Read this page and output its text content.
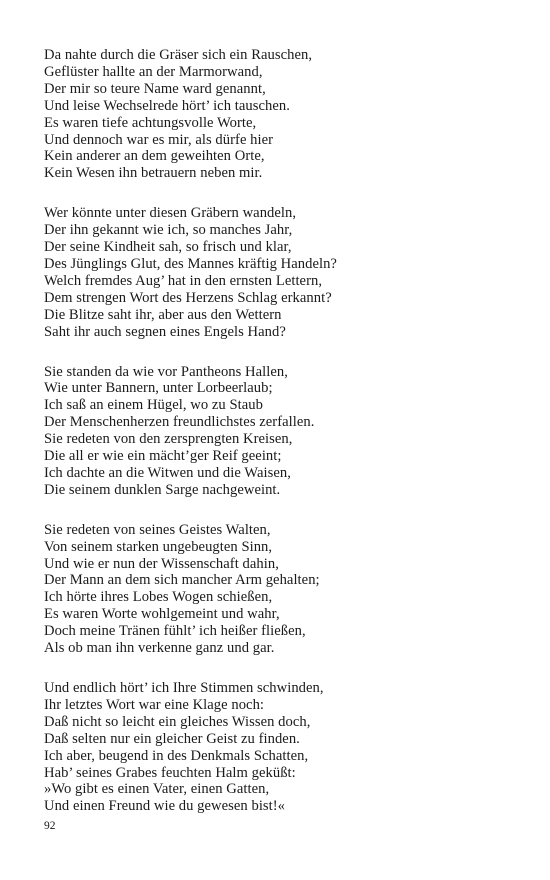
Da nahte durch die Gräser sich ein Rauschen,
Geflüster hallte an der Marmorwand,
Der mir so teure Name ward genannt,
Und leise Wechselrede hört’ ich tauschen.
Es waren tiefe achtungsvolle Worte,
Und dennoch war es mir, als dürfe hier
Kein anderer an dem geweihten Orte,
Kein Wesen ihn betrauern neben mir.
Wer könnte unter diesen Gräbern wandeln,
Der ihn gekannt wie ich, so manches Jahr,
Der seine Kindheit sah, so frisch und klar,
Des Jünglings Glut, des Mannes kräftig Handeln?
Welch fremdes Aug’ hat in den ernsten Lettern,
Dem strengen Wort des Herzens Schlag erkannt?
Die Blitze saht ihr, aber aus den Wettern
Saht ihr auch segnen eines Engels Hand?
Sie standen da wie vor Pantheons Hallen,
Wie unter Bannern, unter Lorbeerlaub;
Ich saß an einem Hügel, wo zu Staub
Der Menschenherzen freundlichstes zerfallen.
Sie redeten von den zersprengten Kreisen,
Die all er wie ein mächt’ger Reif geeint;
Ich dachte an die Witwen und die Waisen,
Die seinem dunklen Sarge nachgeweint.
Sie redeten von seines Geistes Walten,
Von seinem starken ungebeugten Sinn,
Und wie er nun der Wissenschaft dahin,
Der Mann an dem sich mancher Arm gehalten;
Ich hörte ihres Lobes Wogen schießen,
Es waren Worte wohlgemeint und wahr,
Doch meine Tränen fühlt’ ich heißer fließen,
Als ob man ihn verkenne ganz und gar.
Und endlich hört’ ich Ihre Stimmen schwinden,
Ihr letztes Wort war eine Klage noch:
Daß nicht so leicht ein gleiches Wissen doch,
Daß selten nur ein gleicher Geist zu finden.
Ich aber, beugend in des Denkmals Schatten,
Hab’ seines Grabes feuchten Halm geküßt:
»Wo gibt es einen Vater, einen Gatten,
Und einen Freund wie du gewesen bist!«
92
